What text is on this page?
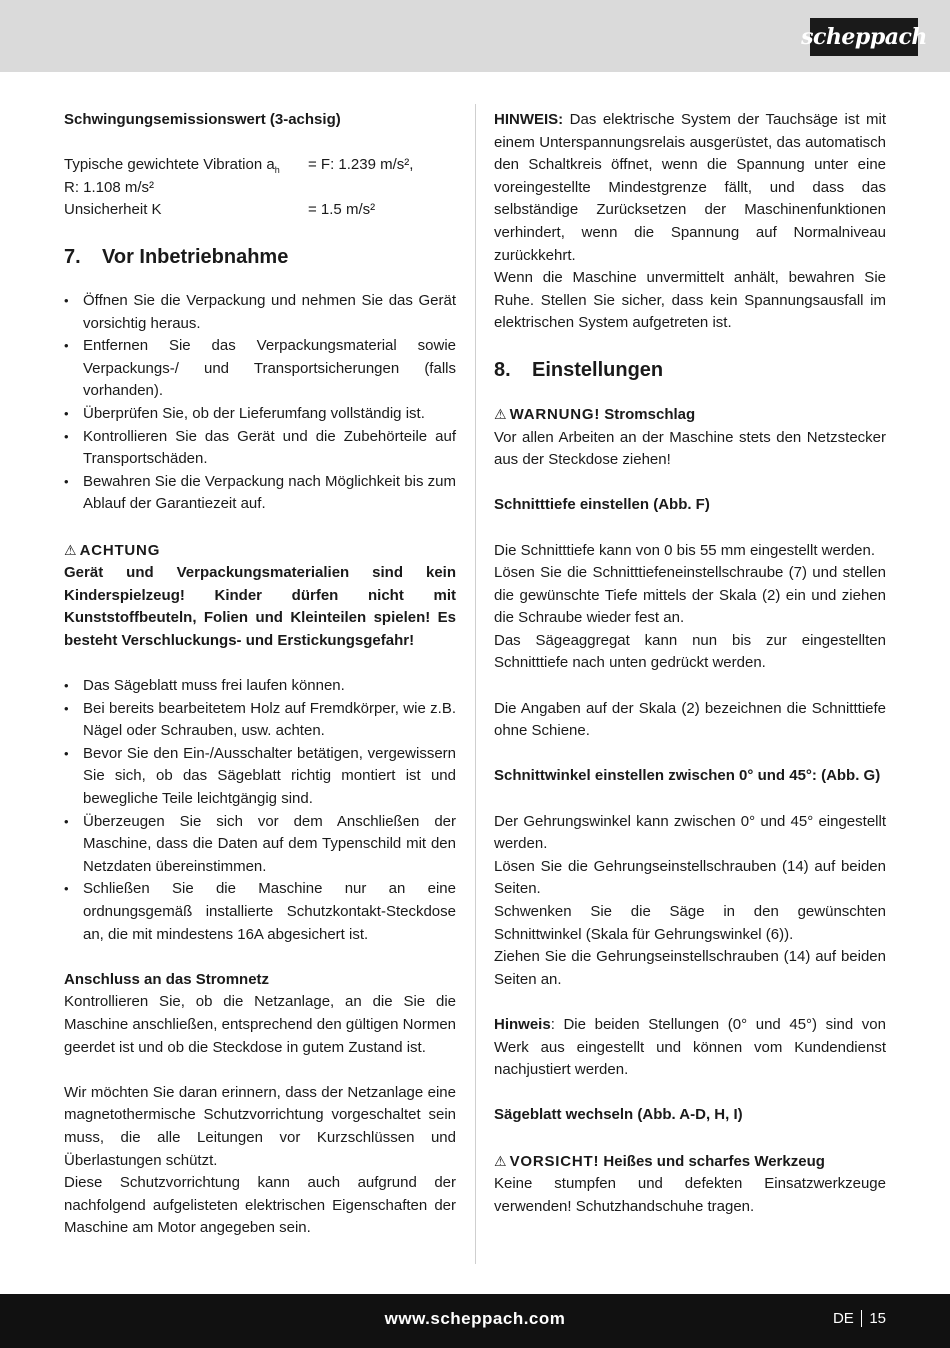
scheppach

Schwingungsemissionswert (3-achsig)

Typische gewichtete Vibration $a_h$	= F: 1.239 m/s²,

R: 1.108 m/s²

Unsicherheit K	= 1.5 m/s²
7.	Vor Inbetriebnahme
• Öffnen Sie die Verpackung und nehmen Sie das Gerät vorsichtig heraus.
• Entfernen Sie das Verpackungsmaterial sowie Verpackungs-/ und Transportsicherungen (falls vorhanden).
• Überprüfen Sie, ob der Lieferumfang vollständig ist.
• Kontrollieren Sie das Gerät und die Zubehörteile auf Transportschäden.
• Bewahren Sie die Verpackung nach Möglichkeit bis zum Ablauf der Garantiezeit auf.

⚠ ACHTUNG

Gerät und Verpackungsmaterialien sind kein Kinderspielzeug! Kinder dürfen nicht mit Kunststoffbeuteln, Folien und Kleinteilen spielen! Es besteht Verschluckungs- und Erstickungsgefahr!

• Das Sägeblatt muss frei laufen können.
• Bei bereits bearbeitetem Holz auf Fremdkörper, wie z.B. Nägel oder Schrauben, usw. achten.
• Bevor Sie den Ein-/Ausschalter betätigen, vergewissern Sie sich, ob das Sägeblatt richtig montiert ist und bewegliche Teile leichtgängig sind.
• Überzeugen Sie sich vor dem Anschließen der Maschine, dass die Daten auf dem Typenschild mit den Netzdaten übereinstimmen.
• Schließen Sie die Maschine nur an eine ordnungsgemäß installierte Schutzkontakt-Steckdose an, die mit mindestens 16A abgesichert ist.

Anschluss an das Stromnetz

Kontrollieren Sie, ob die Netzanlage, an die Sie die Maschine anschließen, entsprechend den gültigen Normen geerdet ist und ob die Steckdose in gutem Zustand ist.

Wir möchten Sie daran erinnern, dass der Netzanlage eine magnetothermische Schutzvorrichtung vorgeschaltet sein muss, die alle Leitungen vor Kurzschlüssen und Überlastungen schützt.

Diese Schutzvorrichtung kann auch aufgrund der nachfolgend aufgelisteten elektrischen Eigenschaften der Maschine am Motor angegeben sein.

HINWEIS: Das elektrische System der Tauchsäge ist mit einem Unterspannungsrelais ausgerüstet, das automatisch den Schaltkreis öffnet, wenn die Spannung unter eine voreingestellte Mindestgrenze fällt, und dass das selbständige Zurücksetzen der Maschinenfunktionen verhindert, wenn die Spannung auf Normalniveau zurückkehrt.

Wenn die Maschine unvermittelt anhält, bewahren Sie Ruhe. Stellen Sie sicher, dass kein Spannungsausfall im elektrischen System aufgetreten ist.

8.	Einstellungen

⚠ WARNUNG! Stromschlag

Vor allen Arbeiten an der Maschine stets den Netzstecker aus der Steckdose ziehen!

Schnitttiefe einstellen (Abb. F)

Die Schnitttiefe kann von 0 bis 55 mm eingestellt werden.

Lösen Sie die Schnitttiefeneinstellschraube (7) und stellen die gewünschte Tiefe mittels der Skala (2) ein und ziehen die Schraube wieder fest an.

Das Sägeaggregat kann nun bis zur eingestellten Schnitttiefe nach unten gedrückt werden.

Die Angaben auf der Skala (2) bezeichnen die Schnitttiefe ohne Schiene.

Schnittwinkel einstellen zwischen 0° und 45°: (Abb. G)

Der Gehrungswinkel kann zwischen 0° und 45° eingestellt werden.

Lösen Sie die Gehrungseinstellschrauben (14) auf beiden Seiten.

Schwenken Sie die Säge in den gewünschten Schnittwinkel (Skala für Gehrungswinkel (6)).

Ziehen Sie die Gehrungseinstellschrauben (14) auf beiden Seiten an.

Hinweis: Die beiden Stellungen (0° und 45°) sind von Werk aus eingestellt und können vom Kundendienst nachjustiert werden.

Sägeblatt wechseln (Abb. A-D, H, I)

⚠ VORSICHT! Heißes und scharfes Werkzeug

Keine stumpfen und defekten Einsatzwerkzeuge verwenden! Schutzhandschuhe tragen.

www.scheppach.com	DE 15
